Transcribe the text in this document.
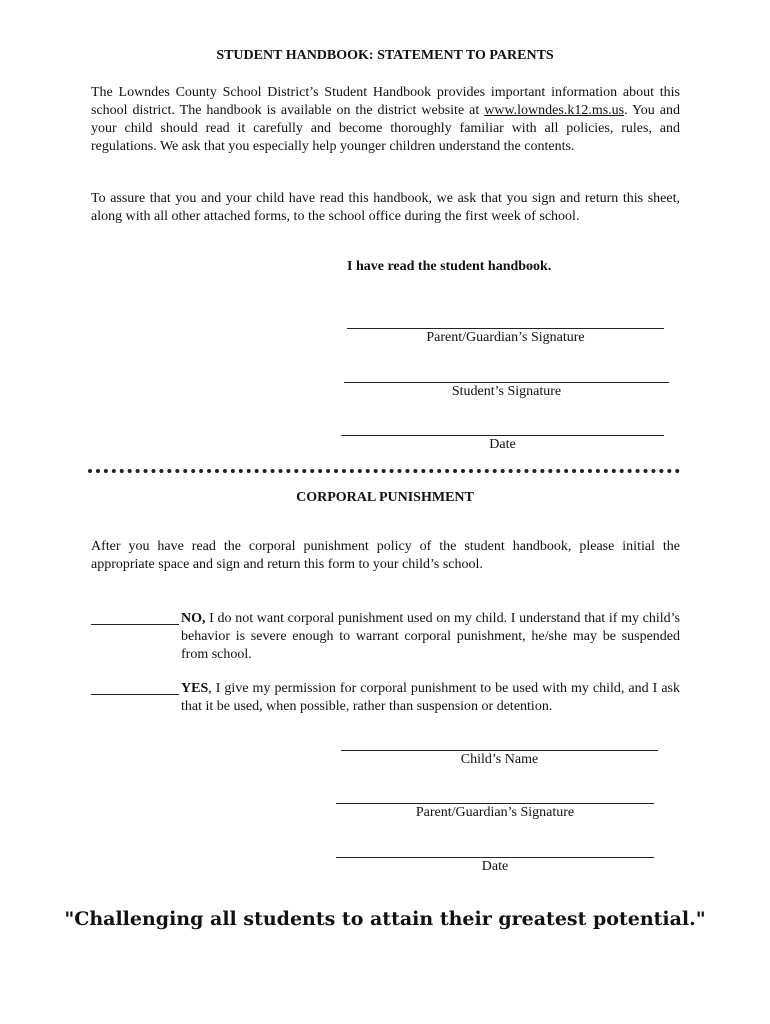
STUDENT HANDBOOK: STATEMENT TO PARENTS

The Lowndes County School District’s Student Handbook provides important information about this school district. The handbook is available on the district website at www.lowndes.k12.ms.us. You and your child should read it carefully and become thoroughly familiar with all policies, rules, and regulations. We ask that you especially help younger children understand the contents.

To assure that you and your child have read this handbook, we ask that you sign and return this sheet, along with all other attached forms, to the school office during the first week of school.

I have read the student handbook.
Parent/Guardian’s Signature
Student’s Signature
Date
CORPORAL PUNISHMENT

After you have read the corporal punishment policy of the student handbook, please initial the appropriate space and sign and return this form to your child’s school.

NO, I do not want corporal punishment used on my child. I understand that if my child’s behavior is severe enough to warrant corporal punishment, he/she may be suspended from school.
YES, I give my permission for corporal punishment to be used with my child, and I ask that it be used, when possible, rather than suspension or detention.
Child’s Name
Parent/Guardian’s Signature
Date
"Challenging all students to attain their greatest potential."
